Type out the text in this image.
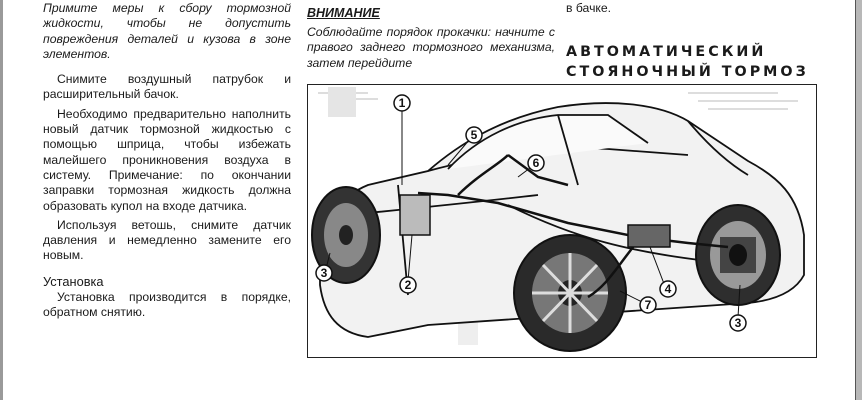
Примите меры к сбору тормозной жидкости, чтобы не допустить повреждения деталей и кузова в зоне элементов.

Снимите воздушный патрубок и расширительный бачок.

Необходимо предварительно наполнить новый датчик тормозной жидкостью с помощью шприца, чтобы избежать малейшего проникновения воздуха в систему. Примечание: по окончании заправки тормозная жидкость должна образовать купол на входе датчика.

Используя ветошь, снимите датчик давления и немедленно замените его новым.

Установка

Установка производится в порядке, обратном снятию.

ВНИМАНИЕ

Соблюдайте порядок прокачки: начните с правого заднего тормозного механизма, затем перейдите

в бачке.

АВТОМАТИЧЕСКИЙ

СТОЯНОЧНЫЙ ТОРМОЗ

1
2
3
4
5
6
7
3
